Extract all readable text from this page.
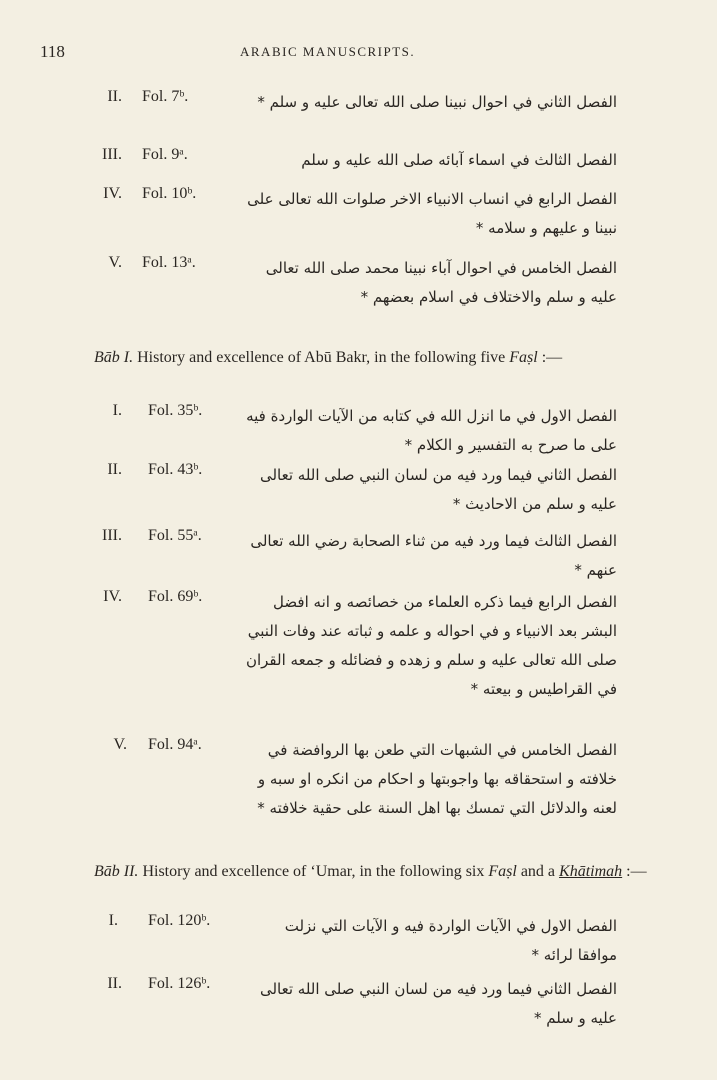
118	ARABIC MANUSCRIPTS.
II. Fol. 7ᵇ.	الفصل الثاني في احوال نبينا صلى الله تعالى عليه و سلم *
III. Fol. 9ᵃ.	الفصل الثالث في اسماء آبائه صلى الله عليه و سلم
IV. Fol. 10ᵇ.	الفصل الرابع في انساب الانبياء الاخر صلوات الله تعالى على نبينا و عليهم و سلامه *
V. Fol. 13ᵃ.	الفصل الخامس في احوال آباء نبينا محمد صلى الله تعالى عليه و سلم والاختلاف في اسلام بعضهم *
Bāb I. History and excellence of Abū Bakr, in the following five Faṣl :—
I. Fol. 35ᵇ.	الفصل الاول في ما انزل الله في كتابه من الآيات الواردة فيه على ما صرح به التفسير و الكلام *
II. Fol. 43ᵇ.	الفصل الثاني فيما ورد فيه من لسان النبي صلى الله تعالى عليه و سلم من الاحاديث *
III. Fol. 55ᵃ.	الفصل الثالث فيما ورد فيه من ثناء الصحابة رضي الله تعالى عنهم *
IV. Fol. 69ᵇ.	الفصل الرابع فيما ذكره العلماء من خصائصه و انه افضل البشر بعد الانبياء و في احواله و علمه و ثباته عند وفات النبي صلى الله تعالى عليه و سلم و زهده و فضائله و جمعه القران في القراطيس و بيعته *
V. Fol. 94ᵃ.	الفصل الخامس في الشبهات التي طعن بها الروافضة في خلافته و استحقاقه بها واجوبتها و احكام من انكره او سبه و لعنه والدلائل التي تمسك بها اهل السنة على حقية خلافته *
Bāb II. History and excellence of ‘Umar, in the following six Faṣl and a Khātimah :—
I. Fol. 120ᵇ.	الفصل الاول في الآيات الواردة فيه و الآيات التي نزلت موافقا لرائه *
II. Fol. 126ᵇ.	الفصل الثاني فيما ورد فيه من لسان النبي صلى الله تعالى عليه و سلم *
